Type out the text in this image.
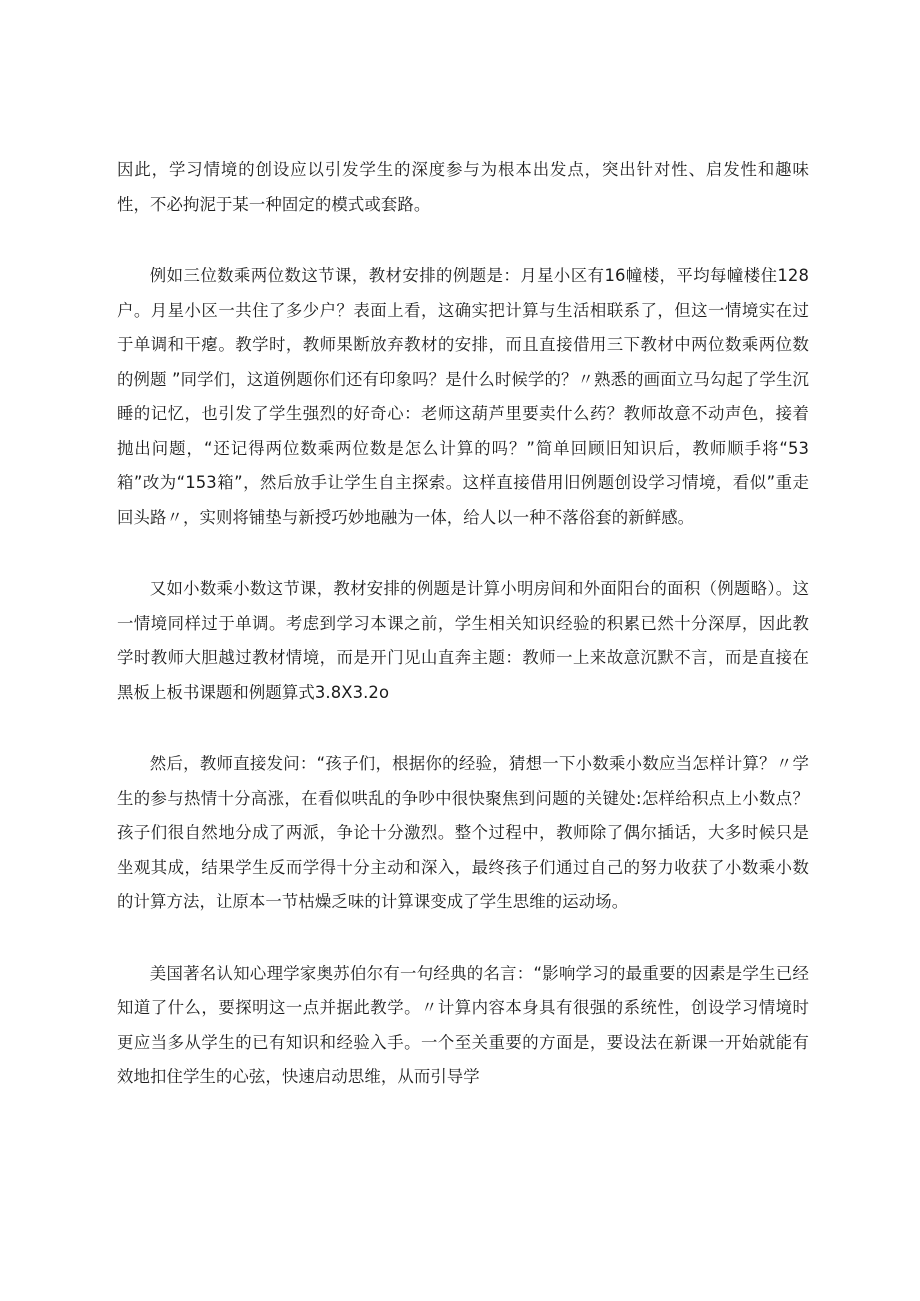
因此，学习情境的创设应以引发学生的深度参与为根本出发点，突出针对性、启发性和趣味性，不必拘泥于某一种固定的模式或套路。

例如三位数乘两位数这节课，教材安排的例题是：月星小区有16幢楼，平均每幢楼住128户。月星小区一共住了多少户？表面上看，这确实把计算与生活相联系了，但这一情境实在过于单调和干瘪。教学时，教师果断放弃教材的安排，而且直接借用三下教材中两位数乘两位数的例题 ”同学们，这道例题你们还有印象吗？是什么时候学的？〃熟悉的画面立马勾起了学生沉睡的记忆，也引发了学生强烈的好奇心：老师这葫芦里要卖什么药？教师故意不动声色，接着抛出问题，“还记得两位数乘两位数是怎么计算的吗？”简单回顾旧知识后，教师顺手将“53箱”改为“153箱”，然后放手让学生自主探索。这样直接借用旧例题创设学习情境，看似”重走回头路〃，实则将铺垫与新授巧妙地融为一体，给人以一种不落俗套的新鲜感。

又如小数乘小数这节课，教材安排的例题是计算小明房间和外面阳台的面积（例题略）。这一情境同样过于单调。考虑到学习本课之前，学生相关知识经验的积累已然十分深厚，因此教学时教师大胆越过教材情境，而是开门见山直奔主题：教师一上来故意沉默不言，而是直接在黑板上板书课题和例题算式3.8X3.2o

然后，教师直接发问：“孩子们，根据你的经验，猜想一下小数乘小数应当怎样计算？〃学生的参与热情十分高涨，在看似哄乱的争吵中很快聚焦到问题的关键处:怎样给积点上小数点？孩子们很自然地分成了两派，争论十分激烈。整个过程中，教师除了偶尔插话，大多时候只是坐观其成，结果学生反而学得十分主动和深入，最终孩子们通过自己的努力收获了小数乘小数的计算方法，让原本一节枯燥乏味的计算课变成了学生思维的运动场。

美国著名认知心理学家奥苏伯尔有一句经典的名言：“影响学习的最重要的因素是学生已经知道了什么，要探明这一点并据此教学。〃计算内容本身具有很强的系统性，创设学习情境时更应当多从学生的已有知识和经验入手。一个至关重要的方面是，要设法在新课一开始就能有效地扣住学生的心弦，快速启动思维，从而引导学
